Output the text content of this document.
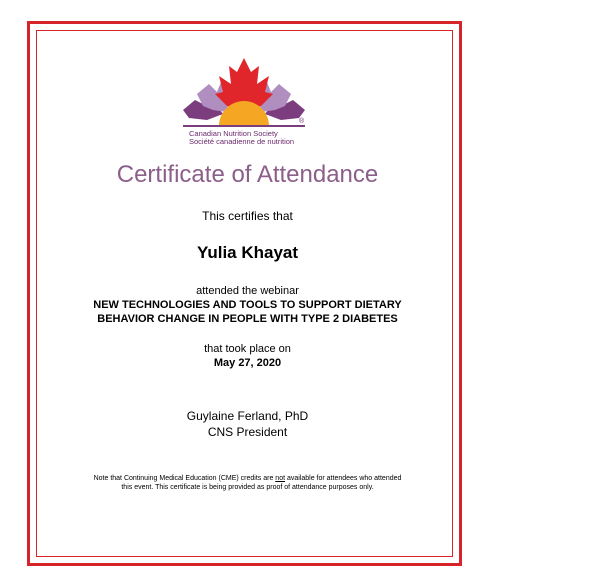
®
Canadian Nutrition Society
Société canadienne de nutrition
Certificate of Attendance
This certifies that
Yulia Khayat
attended the webinar
NEW TECHNOLOGIES AND TOOLS TO SUPPORT DIETARY
BEHAVIOR CHANGE IN PEOPLE WITH TYPE 2 DIABETES
that took place on
May 27, 2020
Guylaine Ferland, PhD
CNS President
Note that Continuing Medical Education (CME) credits are not available for attendees who attended
this event. This certificate is being provided as proof of attendance purposes only.
